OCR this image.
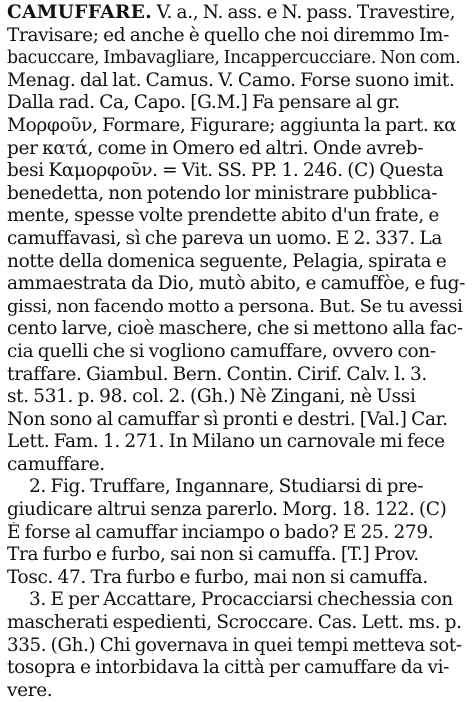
CAMUFFARE. V. a., N. ass. e N. pass. Travestire,
Travisare; ed anche è quello che noi diremmo Im-
bacuccare, Imbavagliare, Incappercucciare. Non com.
Menag. dal lat. Camus. V. Camo. Forse suono imit.
Dalla rad. Ca, Capo. [G.M.] Fa pensare al gr.
Μορφοῦν, Formare, Figurare; aggiunta la part. κα
per κατά, come in Omero ed altri. Onde avreb-
besi Καμορφοῦν. = Vit. SS. PP. 1. 246. (C) Questa
benedetta, non potendo lor ministrare pubblica-
mente, spesse volte prendette abito d'un frate, e
camuffavasi, sì che pareva un uomo. E 2. 337. La
notte della domenica seguente, Pelagia, spirata e
ammaestrata da Dio, mutò abito, e camuffòe, e fug-
gissi, non facendo motto a persona. But. Se tu avessi
cento larve, cioè maschere, che si mettono alla fac-
cia quelli che si vogliono camuffare, ovvero con-
traffare. Giambul. Bern. Contin. Cirif. Calv. l. 3.
st. 531. p. 98. col. 2. (Gh.) Nè Zingani, nè Ussi
Non sono al camuffar sì pronti e destri. [Val.] Car.
Lett. Fam. 1. 271. In Milano un carnovale mi fece
camuffare.
2. Fig. Truffare, Ingannare, Studiarsi di pre-
giudicare altrui senza parerlo. Morg. 18. 122. (C)
È forse al camuffar inciampo o bado? E 25. 279.
Tra furbo e furbo, sai non si camuffa. [T.] Prov.
Tosc. 47. Tra furbo e furbo, mai non si camuffa.
3. E per Accattare, Procacciarsi chechessia con
mascherati espedienti, Scroccare. Cas. Lett. ms. p.
335. (Gh.) Chi governava in quei tempi metteva sot-
tosopra e intorbidava la città per camuffare da vi-
vere.
